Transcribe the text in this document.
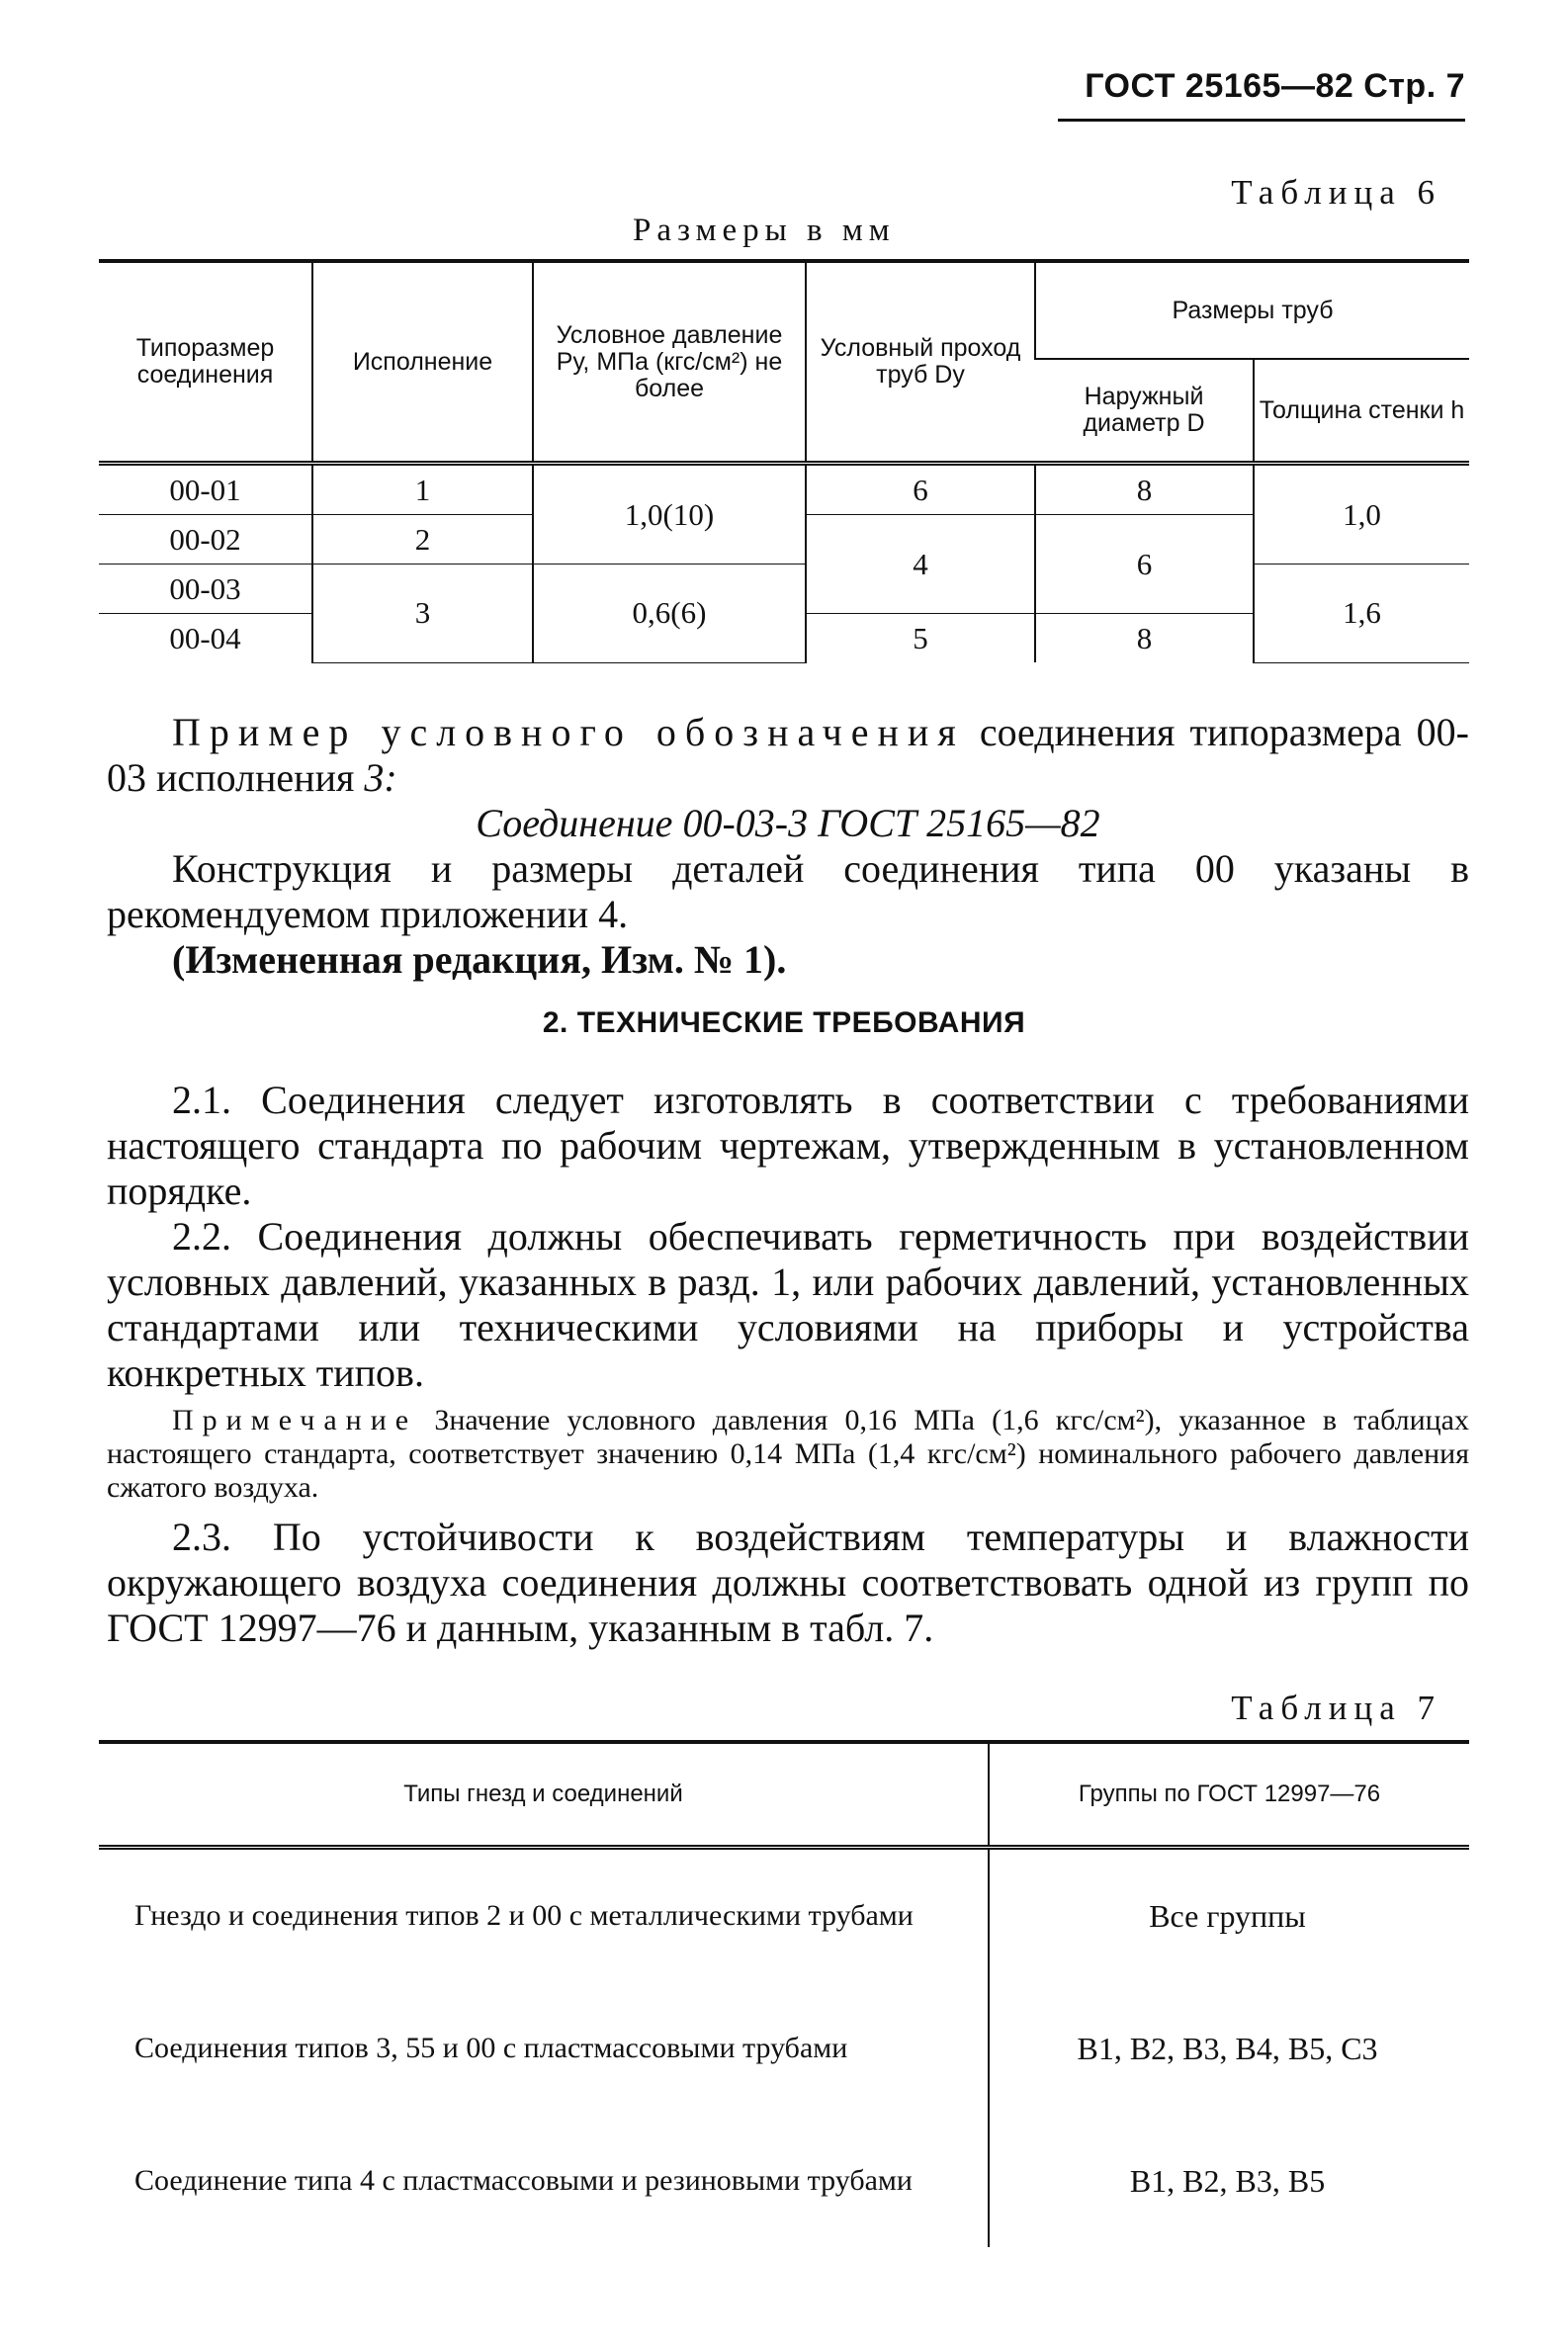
ГОСТ 25165—82 Стр. 7
Таблица 6
Размеры в мм
Типоразмер соединения	Исполнение	Условное давление Pу, МПа (кгс/см²) не более	Условный проход труб Dу	Размеры труб	
				Наружный диаметр D	Толщина стенки h
00-01	1	1,0(10)	6	8	1,0
00-02	2		4	6	
00-03	3	0,6(6)			1,6
00-04			5	8	
Пример условного обозначения соединения типоразмера 00-03 исполнения 3:
Соединение 00-03-3 ГОСТ 25165—82
Конструкция и размеры деталей соединения типа 00 указаны в рекомендуемом приложении 4.
(Измененная редакция, Изм. № 1).
2. ТЕХНИЧЕСКИЕ ТРЕБОВАНИЯ
2.1. Соединения следует изготовлять в соответствии с требованиями настоящего стандарта по рабочим чертежам, утвержденным в установленном порядке.
2.2. Соединения должны обеспечивать герметичность при воздействии условных давлений, указанных в разд. 1, или рабочих давлений, установленных стандартами или техническими условиями на приборы и устройства конкретных типов.
Примечание Значение условного давления 0,16 МПа (1,6 кгс/см²), указанное в таблицах настоящего стандарта, соответствует значению 0,14 МПа (1,4 кгс/см²) номинального рабочего давления сжатого воздуха.
2.3. По устойчивости к воздействиям температуры и влажности окружающего воздуха соединения должны соответствовать одной из групп по ГОСТ 12997—76 и данным, указанным в табл. 7.
Таблица 7
Типы гнезд и соединений	Группы по ГОСТ 12997—76
Гнездо и соединения типов 2 и 00 с металлическими трубами	Все группы
Соединения типов 3, 55 и 00 с пластмассовыми трубами	В1, В2, В3, В4, В5, С3
Соединение типа 4 с пластмассовыми и резиновыми трубами	В1, В2, В3, В5
